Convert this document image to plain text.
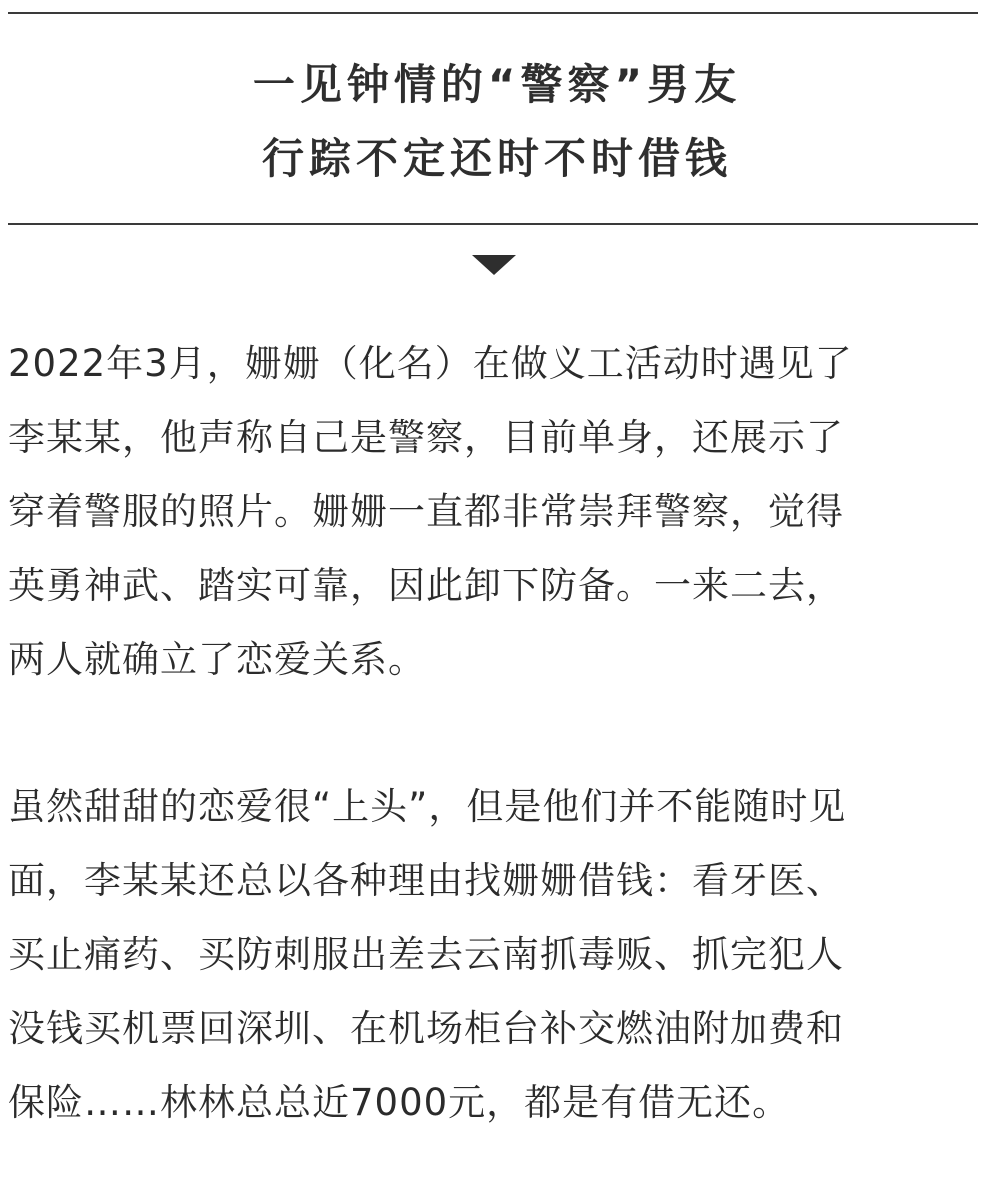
一见钟情的“警察”男友
行踪不定还时不时借钱

2022年3月，姗姗（化名）在做义工活动时遇见了
李某某，他声称自己是警察，目前单身，还展示了
穿着警服的照片。姗姗一直都非常崇拜警察，觉得
英勇神武、踏实可靠，因此卸下防备。一来二去，
两人就确立了恋爱关系。

虽然甜甜的恋爱很“上头”，但是他们并不能随时见
面，李某某还总以各种理由找姗姗借钱：看牙医、
买止痛药、买防刺服出差去云南抓毒贩、抓完犯人
没钱买机票回深圳、在机场柜台补交燃油附加费和
保险……林林总总近7000元，都是有借无还。
